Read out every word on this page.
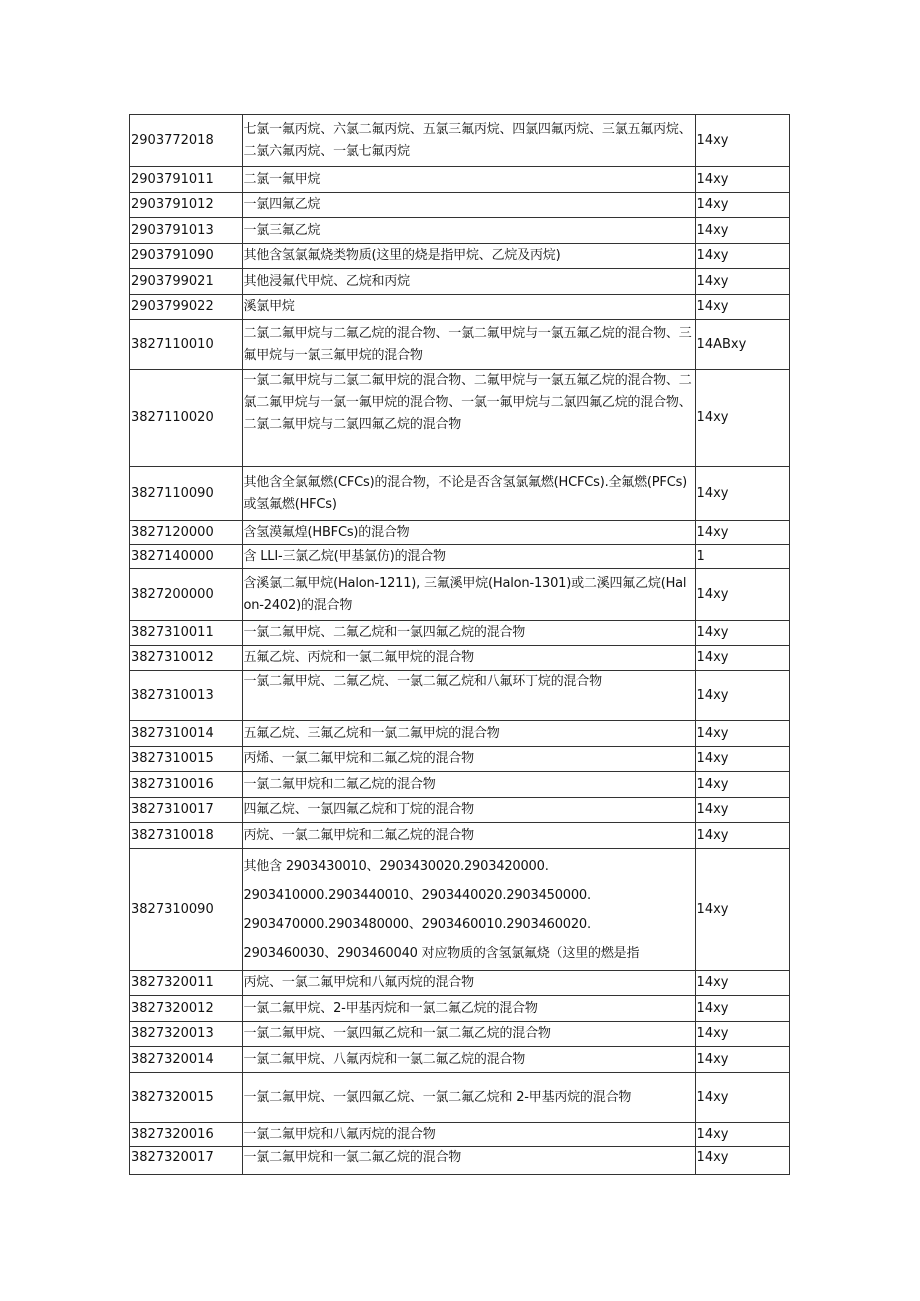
2903772018	七氯一氟丙烷、六氯二氟丙烷、五氯三氟丙烷、四氯四氟丙烷、三氯五氟丙烷、二氯六氟丙烷、一氯七氟丙烷	14xy
2903791011	二氯一氟甲烷	14xy
2903791012	一氯四氟乙烷	14xy
2903791013	一氯三氟乙烷	14xy
2903791090	其他含氢氯氟烧类物质(这里的烧是指甲烷、乙烷及丙烷)	14xy
2903799021	其他浸氟代甲烷、乙烷和丙烷	14xy
2903799022	溪氯甲烷	14xy
3827110010	二氯二氟甲烷与二氟乙烷的混合物、一氯二氟甲烷与一氯五氟乙烷的混合物、三氟甲烷与一氯三氟甲烷的混合物	14ABxy
3827110020	一氯二氟甲烷与二氯二氟甲烷的混合物、二氟甲烷与一氯五氟乙烷的混合物、二氯二氟甲烷与一氯一氟甲烷的混合物、一氯一氟甲烷与二氯四氟乙烷的混合物、二氯二氟甲烷与二氯四氟乙烷的混合物	14xy
3827110090	其他含全氯氟燃(CFCs)的混合物，不论是否含氢氯氟燃(HCFCs).全氟燃(PFCs)或氢氟燃(HFCs)	14xy
3827120000	含氢漠氟煌(HBFCs)的混合物	14xy
3827140000	含 LLI-三氯乙烷(甲基氯仿)的混合物	1
3827200000	含溪氯二氟甲烷(Halon-1211), 三氟溪甲烷(Halon-1301)或二溪四氟乙烷(Halon-2402)的混合物	14xy
3827310011	一氯二氟甲烷、二氟乙烷和一氯四氟乙烷的混合物	14xy
3827310012	五氟乙烷、丙烷和一氯二氟甲烷的混合物	14xy
3827310013	一氯二氟甲烷、二氟乙烷、一氯二氟乙烷和八氟环丁烷的混合物	14xy
3827310014	五氟乙烷、三氟乙烷和一氯二氟甲烷的混合物	14xy
3827310015	丙烯、一氯二氟甲烷和二氟乙烷的混合物	14xy
3827310016	一氯二氟甲烷和二氟乙烷的混合物	14xy
3827310017	四氟乙烷、一氯四氟乙烷和丁烷的混合物	14xy
3827310018	丙烷、一氯二氟甲烷和二氟乙烷的混合物	14xy
3827310090	其他含 2903430010、2903430020.2903420000.
2903410000.2903440010、2903440020.2903450000.
2903470000.2903480000、2903460010.2903460020.
2903460030、2903460040 对应物质的含氢氯氟烧（这里的燃是指	14xy
3827320011	丙烷、一氯二氟甲烷和八氟丙烷的混合物	14xy
3827320012	一氯二氟甲烷、2-甲基丙烷和一氯二氟乙烷的混合物	14xy
3827320013	一氯二氟甲烷、一氯四氟乙烷和一氯二氟乙烷的混合物	14xy
3827320014	一氯二氟甲烷、八氟丙烷和一氯二氟乙烷的混合物	14xy
3827320015	一氯二氟甲烷、一氯四氟乙烷、一氯二氟乙烷和 2-甲基丙烷的混合物	14xy
3827320016	一氯二氟甲烷和八氟丙烷的混合物	14xy
3827320017	一氯二氟甲烷和一氯二氟乙烷的混合物	14xy
